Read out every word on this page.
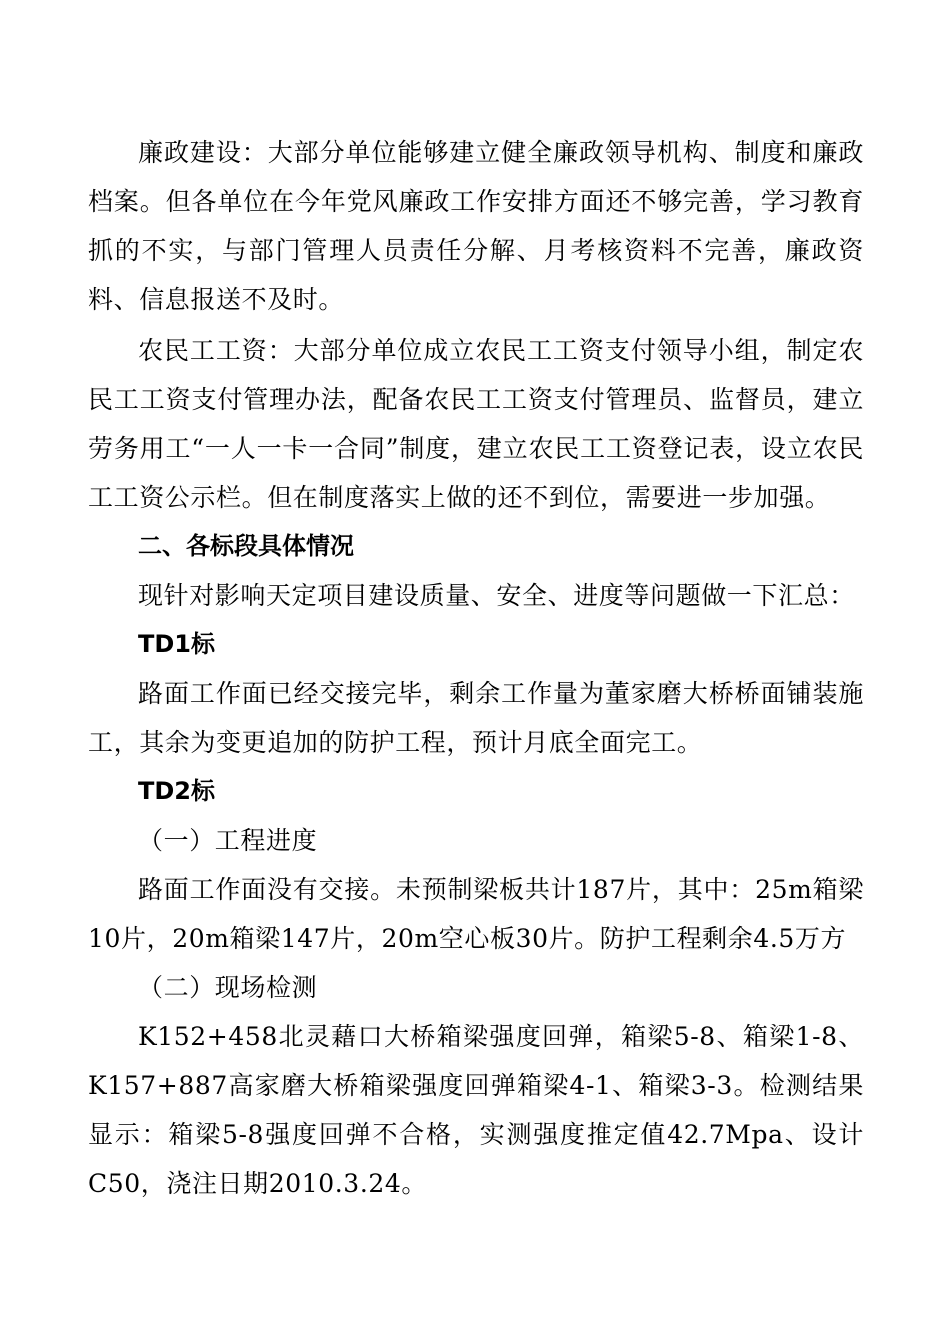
廉政建设：大部分单位能够建立健全廉政领导机构、制度和廉政档案。但各单位在今年党风廉政工作安排方面还不够完善，学习教育抓的不实，与部门管理人员责任分解、月考核资料不完善，廉政资料、信息报送不及时。

农民工工资：大部分单位成立农民工工资支付领导小组，制定农民工工资支付管理办法，配备农民工工资支付管理员、监督员，建立劳务用工“一人一卡一合同”制度，建立农民工工资登记表，设立农民工工资公示栏。但在制度落实上做的还不到位，需要进一步加强。

二、各标段具体情况

现针对影响天定项目建设质量、安全、进度等问题做一下汇总：

TD1标

路面工作面已经交接完毕，剩余工作量为董家磨大桥桥面铺装施工，其余为变更追加的防护工程，预计月底全面完工。

TD2标

（一）工程进度

路面工作面没有交接。未预制梁板共计187片，其中：25m箱梁10片，20m箱梁147片，20m空心板30片。防护工程剩余4.5万方

（二）现场检测

K152+458北灵藉口大桥箱梁强度回弹，箱梁5-8、箱梁1-8、K157+887高家磨大桥箱梁强度回弹箱梁4-1、箱梁3-3。检测结果显示：箱梁5-8强度回弹不合格，实测强度推定值42.7Mpa、设计C50，浇注日期2010.3.24。
